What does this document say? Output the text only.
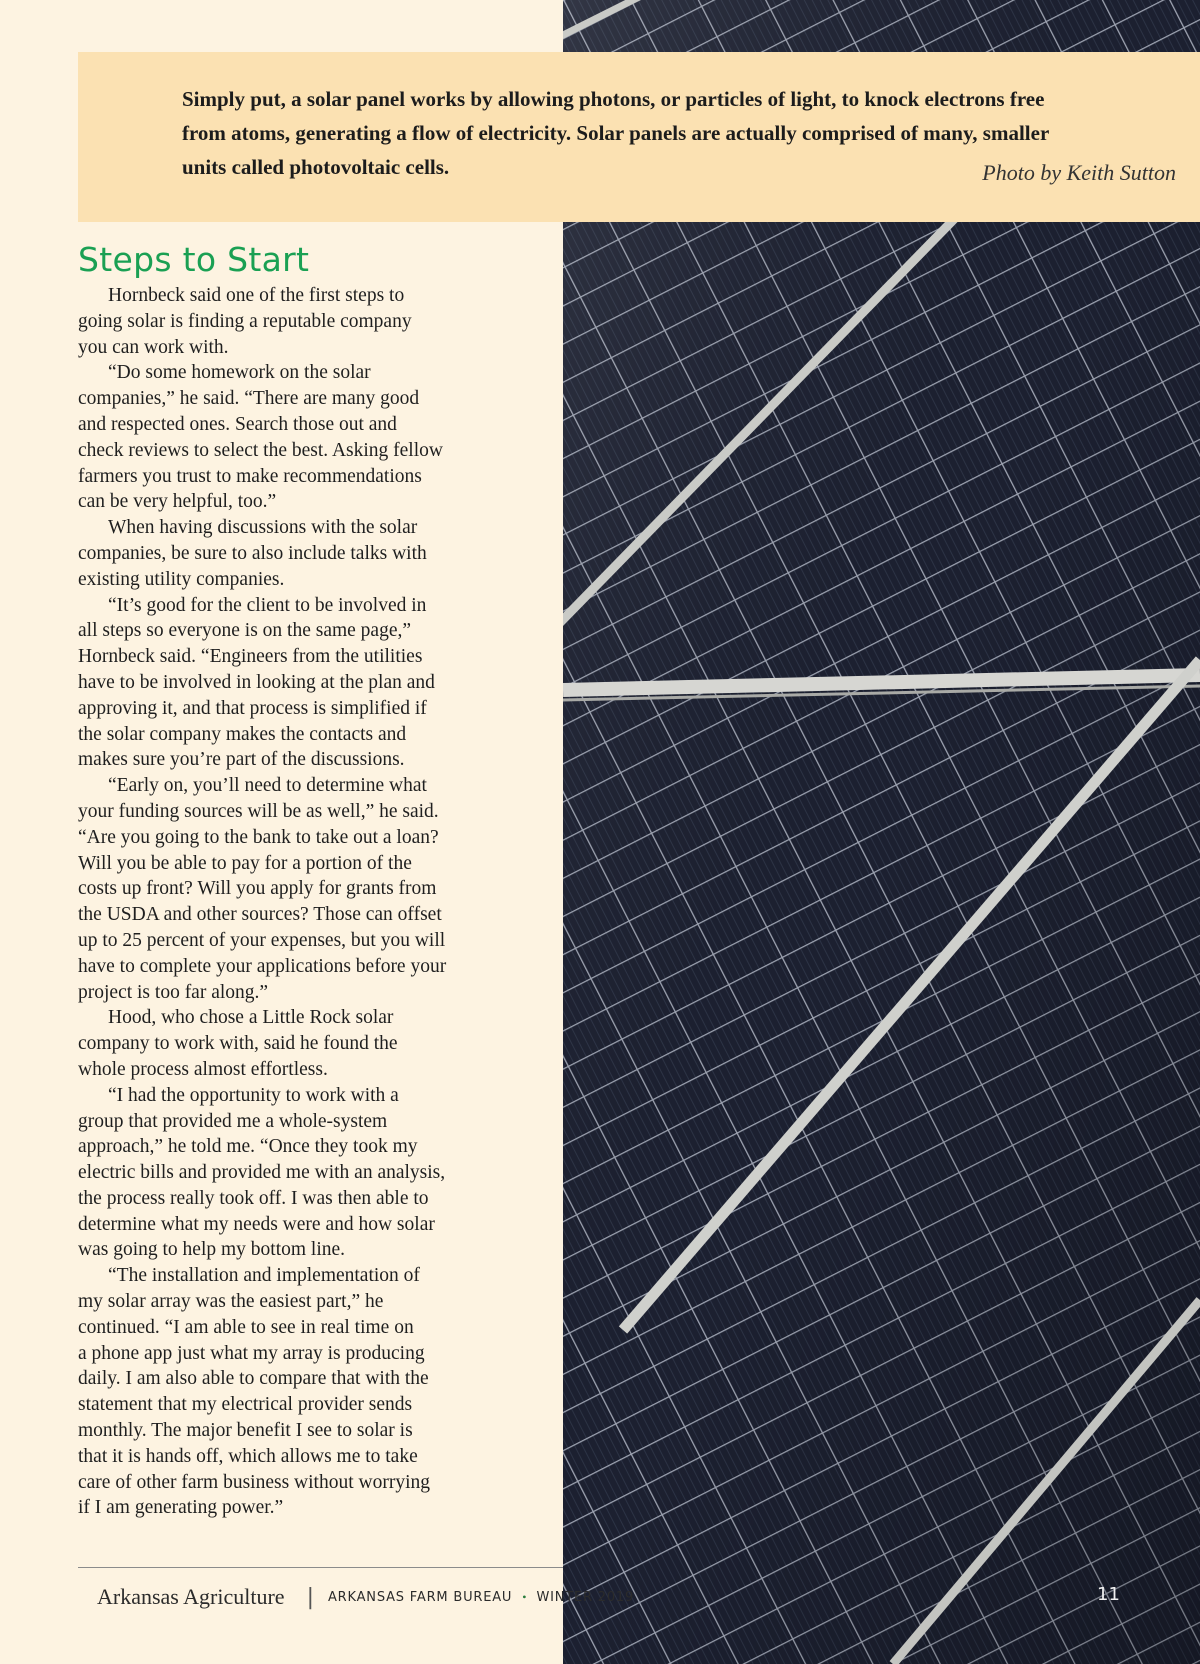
Simply put, a solar panel works by allowing photons, or particles of light, to knock electrons free from atoms, generating a flow of electricity. Solar panels are actually comprised of many, smaller units called photovoltaic cells.	Photo by Keith Sutton
Steps to Start
Hornbeck said one of the first steps to
going solar is finding a reputable company
you can work with.
“Do some homework on the solar
companies,” he said. “There are many good
and respected ones. Search those out and
check reviews to select the best. Asking fellow
farmers you trust to make recommendations
can be very helpful, too.”
When having discussions with the solar
companies, be sure to also include talks with
existing utility companies.
“It’s good for the client to be involved in
all steps so everyone is on the same page,”
Hornbeck said. “Engineers from the utilities
have to be involved in looking at the plan and
approving it, and that process is simplified if
the solar company makes the contacts and
makes sure you’re part of the discussions.
“Early on, you’ll need to determine what
your funding sources will be as well,” he said.
“Are you going to the bank to take out a loan?
Will you be able to pay for a portion of the
costs up front? Will you apply for grants from
the USDA and other sources? Those can offset
up to 25 percent of your expenses, but you will
have to complete your applications before your
project is too far along.”
Hood, who chose a Little Rock solar
company to work with, said he found the
whole process almost effortless.
“I had the opportunity to work with a
group that provided me a whole-system
approach,” he told me. “Once they took my
electric bills and provided me with an analysis,
the process really took off. I was then able to
determine what my needs were and how solar
was going to help my bottom line.
“The installation and implementation of
my solar array was the easiest part,” he
continued. “I am able to see in real time on
a phone app just what my array is producing
daily. I am also able to compare that with the
statement that my electrical provider sends
monthly. The major benefit I see to solar is
that it is hands off, which allows me to take
care of other farm business without worrying
if I am generating power.”
Arkansas Agriculture | ARKANSAS FARM BUREAU • WINTER 2019	11
